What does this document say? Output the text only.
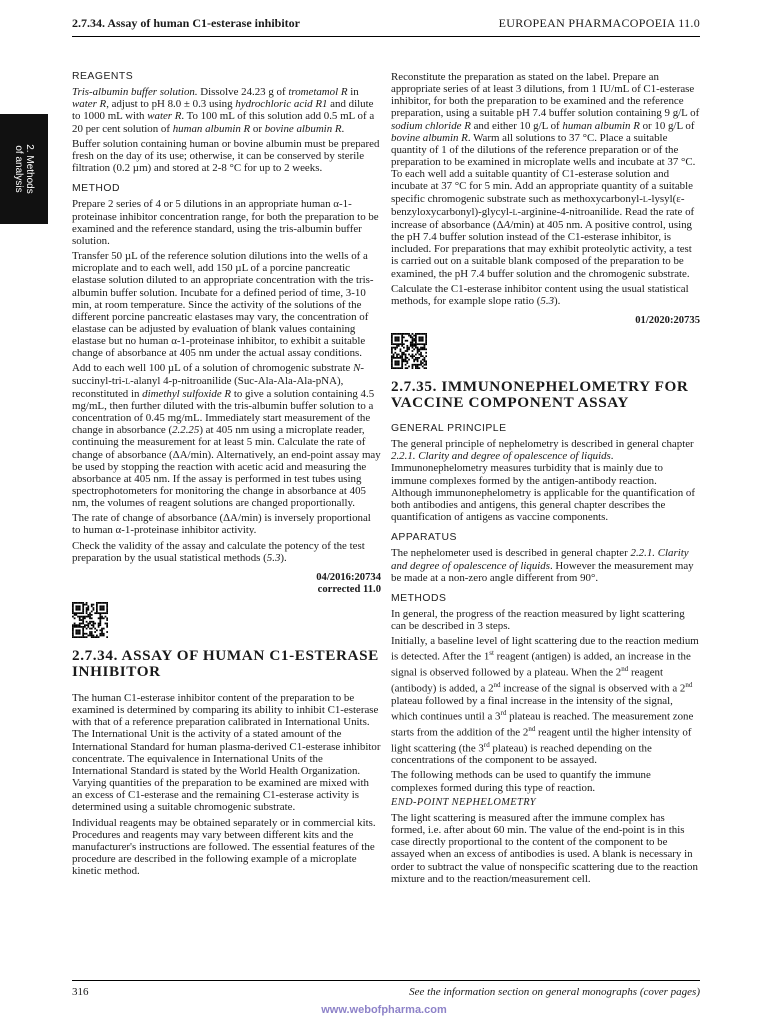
2.7.34. Assay of human C1-esterase inhibitor	EUROPEAN PHARMACOPOEIA 11.0
2. Methods
of analysis
REAGENTS

Tris-albumin buffer solution. Dissolve 24.23 g of trometamol R in water R, adjust to pH 8.0 ± 0.3 using hydrochloric acid R1 and dilute to 1000 mL with water R. To 100 mL of this solution add 0.5 mL of a 20 per cent solution of human albumin R or bovine albumin R.

Buffer solution containing human or bovine albumin must be prepared fresh on the day of its use; otherwise, it can be conserved by sterile filtration (0.2 µm) and stored at 2-8 °C for up to 2 weeks.

METHOD

Prepare 2 series of 4 or 5 dilutions in an appropriate human α-1-proteinase inhibitor concentration range, for both the preparation to be examined and the reference standard, using the tris-albumin buffer solution.

Transfer 50 µL of the reference solution dilutions into the wells of a microplate and to each well, add 150 µL of a porcine pancreatic elastase solution diluted to an appropriate concentration with the tris-albumin buffer solution. Incubate for a defined period of time, 3-10 min, at room temperature. Since the activity of the solutions of the different porcine pancreatic elastases may vary, the concentration of elastase can be adjusted by evaluation of blank values containing elastase but no human α-1-proteinase inhibitor, to exhibit a suitable change of absorbance at 405 nm under the actual assay conditions.

Add to each well 100 µL of a solution of chromogenic substrate N-succinyl-tri-L-alanyl 4-p-nitroanilide (Suc-Ala-Ala-Ala-pNA), reconstituted in dimethyl sulfoxide R to give a solution containing 4.5 mg/mL, then further diluted with the tris-albumin buffer solution to a concentration of 0.45 mg/mL. Immediately start measurement of the change in absorbance (2.2.25) at 405 nm using a microplate reader, continuing the measurement for at least 5 min. Calculate the rate of change of absorbance (ΔA/min). Alternatively, an end-point assay may be used by stopping the reaction with acetic acid and measuring the absorbance at 405 nm. If the assay is performed in test tubes using spectrophotometers for monitoring the change in absorbance at 405 nm, the volumes of reagent solutions are changed proportionally.

The rate of change of absorbance (ΔA/min) is inversely proportional to human α-1-proteinase inhibitor activity.

Check the validity of the assay and calculate the potency of the test preparation by the usual statistical methods (5.3).

04/2016:20734
corrected 11.0
2.7.34. ASSAY OF HUMAN C1-ESTERASE INHIBITOR

The human C1-esterase inhibitor content of the preparation to be examined is determined by comparing its ability to inhibit C1-esterase with that of a reference preparation calibrated in International Units. The International Unit is the activity of a stated amount of the International Standard for human plasma-derived C1-esterase inhibitor concentrate. The equivalence in International Units of the International Standard is stated by the World Health Organization. Varying quantities of the preparation to be examined are mixed with an excess of C1-esterase and the remaining C1-esterase activity is determined using a suitable chromogenic substrate.

Individual reagents may be obtained separately or in commercial kits. Procedures and reagents may vary between different kits and the manufacturer's instructions are followed. The essential features of the procedure are described in the following example of a microplate kinetic method.

Reconstitute the preparation as stated on the label. Prepare an appropriate series of at least 3 dilutions, from 1 IU/mL of C1-esterase inhibitor, for both the preparation to be examined and the reference preparation, using a suitable pH 7.4 buffer solution containing 9 g/L of sodium chloride R and either 10 g/L of human albumin R or 10 g/L of bovine albumin R. Warm all solutions to 37 °C. Place a suitable quantity of 1 of the dilutions of the reference preparation or of the preparation to be examined in microplate wells and incubate at 37 °C. To each well add a suitable quantity of C1-esterase solution and incubate at 37 °C for 5 min. Add an appropriate quantity of a suitable specific chromogenic substrate such as methoxycarbonyl-L-lysyl(ε-benzyloxycarbonyl)-glycyl-L-arginine-4-nitroanilide. Read the rate of increase of absorbance (ΔA/min) at 405 nm. A positive control, using the pH 7.4 buffer solution instead of the C1-esterase inhibitor, is included. For preparations that may exhibit proteolytic activity, a test is carried out on a suitable blank composed of the preparation to be examined, the pH 7.4 buffer solution and the chromogenic substrate.

Calculate the C1-esterase inhibitor content using the usual statistical methods, for example slope ratio (5.3).

01/2020:20735
2.7.35. IMMUNONEPHELOMETRY FOR VACCINE COMPONENT ASSAY
GENERAL PRINCIPLE

The general principle of nephelometry is described in general chapter 2.2.1. Clarity and degree of opalescence of liquids. Immunonephelometry measures turbidity that is mainly due to immune complexes formed by the antigen-antibody reaction. Although immunonephelometry is applicable for the quantification of both antibodies and antigens, this general chapter describes the quantification of antigens as vaccine components.

APPARATUS

The nephelometer used is described in general chapter 2.2.1. Clarity and degree of opalescence of liquids. However the measurement may be made at a non-zero angle different from 90°.

METHODS

In general, the progress of the reaction measured by light scattering can be described in 3 steps.

Initially, a baseline level of light scattering due to the reaction medium is detected. After the 1st reagent (antigen) is added, an increase in the signal is observed followed by a plateau. When the 2nd reagent (antibody) is added, a 2nd increase of the signal is observed with a 2nd plateau followed by a final increase in the intensity of the signal, which continues until a 3rd plateau is reached. The measurement zone starts from the addition of the 2nd reagent until the higher intensity of light scattering (the 3rd plateau) is reached depending on the concentrations of the component to be assayed.

The following methods can be used to quantify the immune complexes formed during this type of reaction.

END-POINT NEPHELOMETRY

The light scattering is measured after the immune complex has formed, i.e. after about 60 min. The value of the end-point is in this case directly proportional to the content of the component to be assayed when an excess of antibodies is used. A blank is necessary in order to subtract the value of nonspecific scattering due to the reaction mixture and to the reaction/measurement cell.

316	See the information section on general monographs (cover pages)
www.webofpharma.com
